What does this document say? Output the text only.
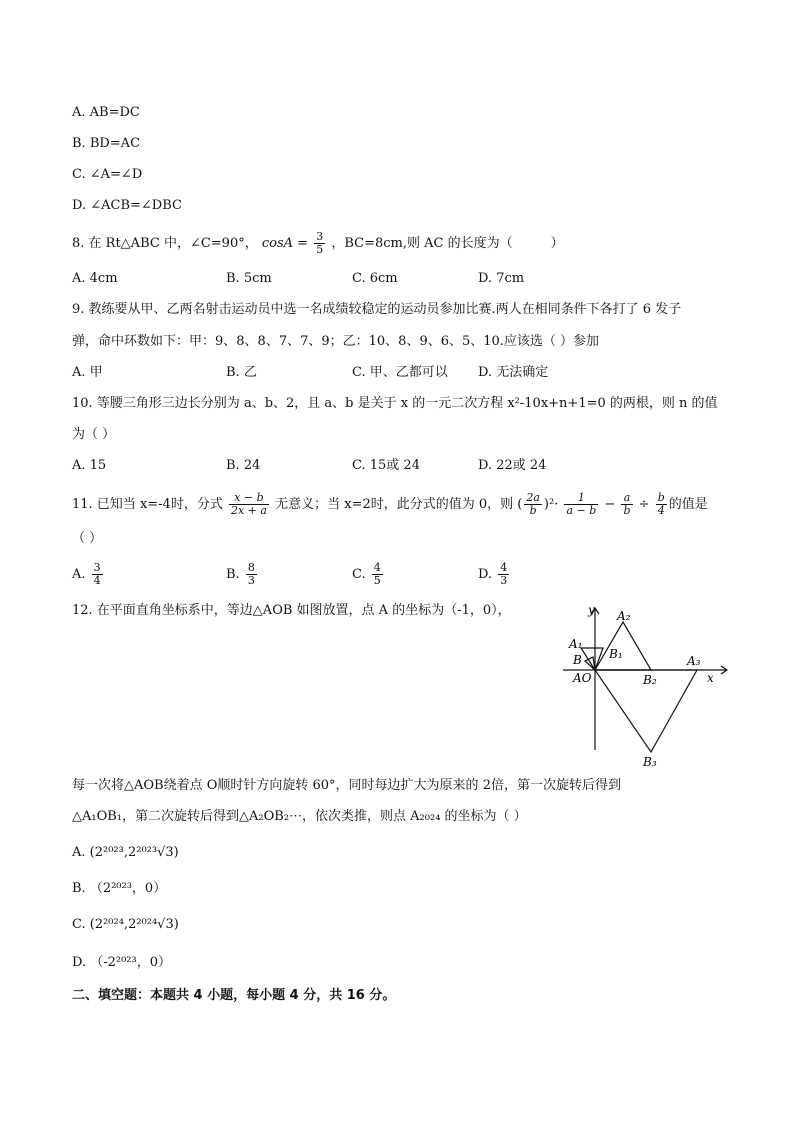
A. AB=DC
B. BD=AC
C. ∠A=∠D
D. ∠ACB=∠DBC
8. 在 Rt△ABC 中，∠C=90°， $\cos A = \frac{3}{5}$ ，BC=8cm,则 AC 的长度为（	）
A. 4cm	B. 5cm	C. 6cm	D. 7cm
9. 教练要从甲、乙两名射击运动员中选一名成绩较稳定的运动员参加比赛.两人在相同条件下各打了 6 发子
弹，命中环数如下：甲：9、8、8、7、7、9；乙：10、8、9、6、5、10.应该选（ ）参加
A. 甲	B. 乙	C. 甲、乙都可以 D. 无法确定
10. 等腰三角形三边长分别为 a、b、2，且 a、b 是关于 x 的一元二次方程 x²-10x+n+1=0 的两根，则 n 的值
为（ ）
A. 15	B. 24	C. 15或 24	D. 22或 24
11. 已知当 x=-4时，分式 $\frac{x - b}{2x + a}$ 无意义；当 x=2时，此分式的值为 0，则 ( $\frac{2a}{b} )^2\cdot \frac{1}{a - b} - \frac{a}{b} \div \frac{b}{4}$ 的值是
（ ）
A. $\frac{3}{4}$	B. $\frac{8}{3}$	C. $\frac{4}{5}$	D. $\frac{4}{3}$
12. 在平面直角坐标系中，等边△AOB 如图放置，点 A 的坐标为（-1，0），	y
x
A₂
A₁
B₁
B
AO	B₂
A₃
B₃
每一次将△AOB绕着点 O顺时针方向旋转 60°，同时每边扩大为原来的 2倍，第一次旋转后得到
△A₁OB₁，第二次旋转后得到△A₂OB₂⋯，依次类推，则点 A₂₀₂₄ 的坐标为（ ）
A. (2²⁰²³,2²⁰²³√3)
B. （2²⁰²³，0）
C. (2²⁰²⁴,2²⁰²⁴√3)
D. （-2²⁰²³，0）
二、填空题：本题共 4 小题，每小题 4 分，共 16 分。
